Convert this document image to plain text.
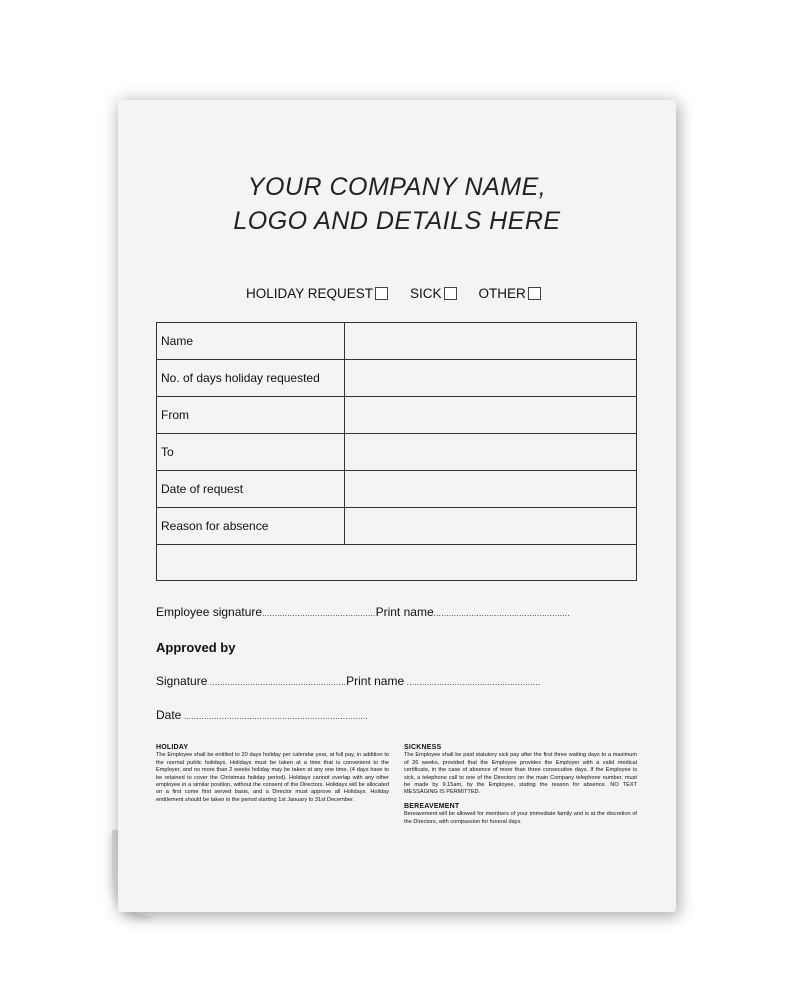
YOUR COMPANY NAME,
LOGO AND DETAILS HERE
HOLIDAY REQUEST	SICK	OTHER
Name	
No. of days holiday requested	
From	
To	
Date of request	
Reason for absence	

Employee signature.............................................Print name......................................................
Approved by
Signature ......................................................Print name .....................................................
Date .........................................................................
HOLIDAY

The Employee shall be entitled to 20 days holiday per calendar year, at full pay, in addition to the normal public holidays. Holidays must be taken at a time that is convenient to the Employer, and no more than 2 weeks holiday may be taken at any one time. (4 days have to be retained to cover the Christmas holiday period). Holidays cannot overlap with any other employee in a similar position, without the consent of the Directors. Holidays will be allocated on a first come first served basis, and a Director must approve all Holidays. Holiday entitlement should be taken in the period starting 1st January to 31st December.

SICKNESS

The Employee shall be paid statutory sick pay after the first three waiting days to a maximum of 26 weeks, provided that the Employee provides the Employer with a valid medical certificate, in the case of absence of more than three consecutive days. If the Employee is sick, a telephone call to one of the Directors on the main Company telephone number, must be made by 9.15am, by the Employee, stating the reason for absence. NO TEXT MESSAGING IS PERMITTED.

BEREAVEMENT

Bereavement will be allowed for members of your immediate family and is at the discretion of the Directors, with compassion for funeral days.
